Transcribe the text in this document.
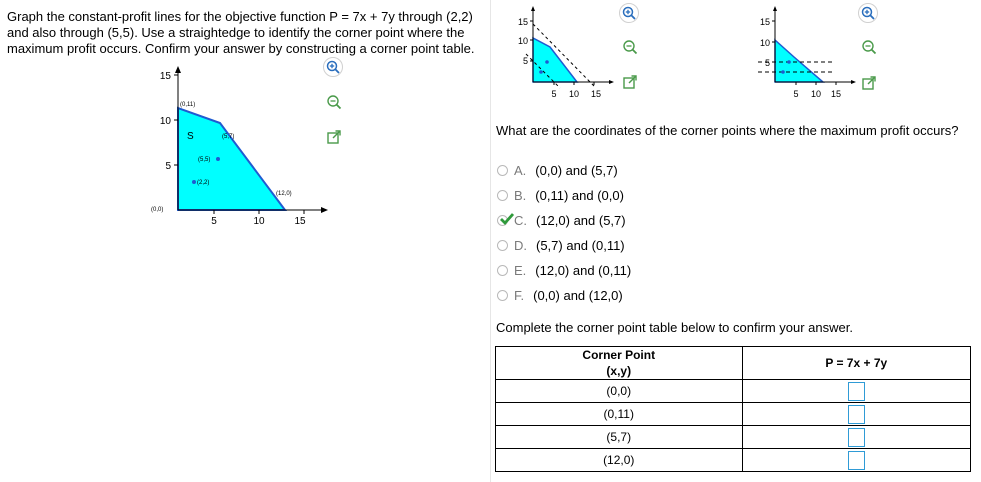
Graph the constant-profit lines for the objective function P = 7x + 7y through (2,2) and also through (5,5). Use a straightedge to identify the corner point where the maximum profit occurs. Confirm your answer by constructing a corner point table.
15
10
5
5	10	15
S
(0,0)
(0,11)
(5,7)
(5,5)
(2,2)
(12,0)
15
10
5
5 10 15
15
10
5
5 10 15
What are the coordinates of the corner points where the maximum profit occurs?
A. (0,0) and (5,7)
B. (0,11) and (0,0)
C. (12,0) and (5,7)
D. (5,7) and (0,11)
E. (12,0) and (0,11)
F. (0,0) and (12,0)
Complete the corner point table below to confirm your answer.
Corner Point	P = 7x + 7y
(x,y)	
(0,0)	
(0,11)	
(5,7)	
(12,0)	
